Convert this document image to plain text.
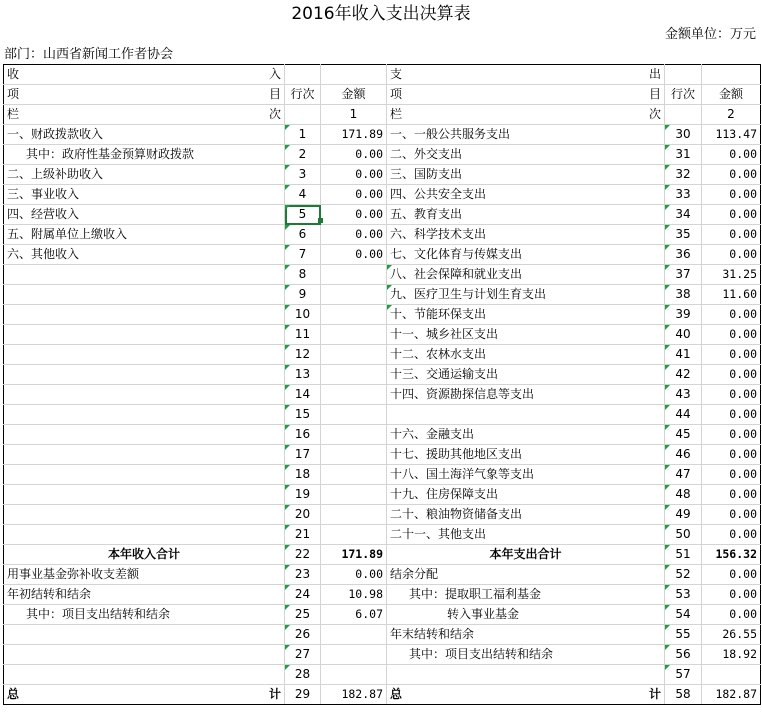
2016年收入支出决算表
金额单位：万元
部门：山西省新闻工作者协会
收 入			支 出		

项 目	行次	金额	项 目	行次	金额

栏 次		1	栏 次		2
一、财政拨款收入	1	171.89	一、一般公共服务支出	30	113.47
其中：政府性基金预算财政拨款	2	0.00	二、外交支出	31	0.00
二、上级补助收入	3	0.00	三、国防支出	32	0.00
三、事业收入	4	0.00	四、公共安全支出	33	0.00
四、经营收入	5	0.00	五、教育支出	34	0.00
五、附属单位上缴收入	6	0.00	六、科学技术支出	35	0.00
六、其他收入	7	0.00	七、文化体育与传媒支出	36	0.00
	8		八、社会保障和就业支出	37	31.25
	9		九、医疗卫生与计划生育支出	38	11.60
	10		十、节能环保支出	39	0.00
	11		十一、城乡社区支出	40	0.00
	12		十二、农林水支出	41	0.00
	13		十三、交通运输支出	42	0.00
	14		十四、资源勘探信息等支出	43	0.00
	15			44	0.00
	16		十六、金融支出	45	0.00
	17		十七、援助其他地区支出	46	0.00
	18		十八、国土海洋气象等支出	47	0.00
	19		十九、住房保障支出	48	0.00
	20		二十、粮油物资储备支出	49	0.00
	21		二十一、其他支出	50	0.00
本年收入合计	22	171.89	本年支出合计	51	156.32
用事业基金弥补收支差额	23	0.00	结余分配	52	0.00
年初结转和结余	24	10.98	其中：提取职工福利基金	53	0.00
其中：项目支出结转和结余	25	6.07	转入事业基金	54	0.00
	26		年末结转和结余	55	26.55
	27		其中：项目支出结转和结余	56	18.92
	28			57	

总 计	29	182.87	总 计	58	182.87
